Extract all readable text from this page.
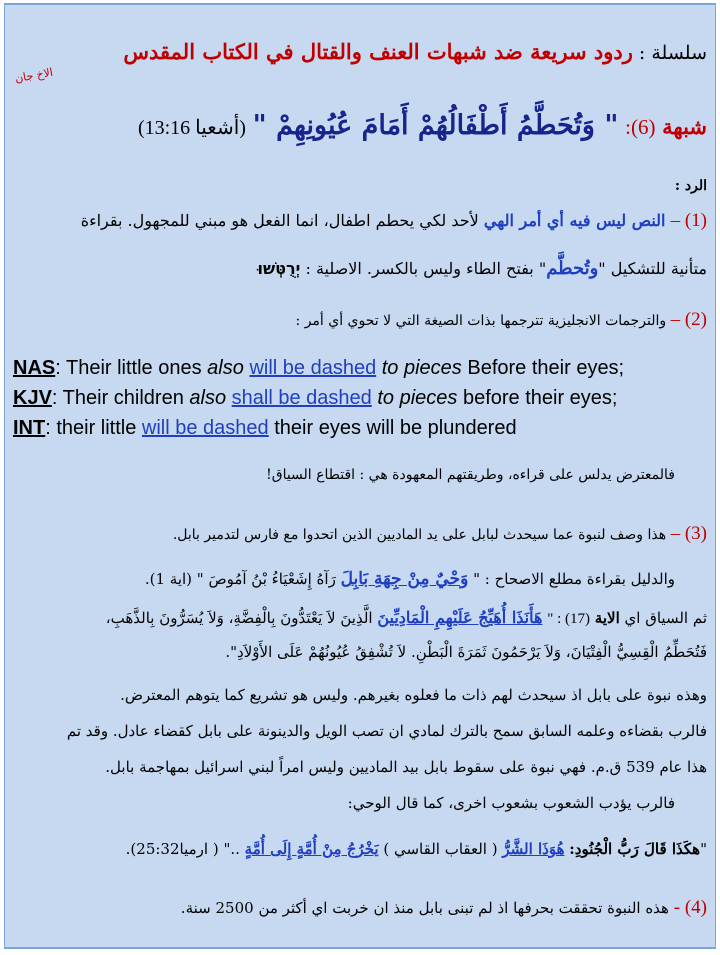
سلسلة : ردود سريعة ضد شبهات العنف والقتال في الكتاب المقدس
الاخ جان
شبهة (6): " وَتُحَطَّمُ أَطْفَالُهُمْ أَمَامَ عُيُونِهِمْ " (أشعيا 13:16)
الرد :
(1) – النص ليس فيه أي أمر الهي لأحد لكي يحطم اطفال، انما الفعل هو مبني للمجهول. بقراءة
متأنية للتشكيل "وتُحطَّم" بفتح الطاء وليس بالكسر. الاصلية : יְרֻטְּשׁוּ
(2) – والترجمات الانجليزية تترجمها بذات الصيغة التي لا تحوي أي أمر :
NAS: Their little ones also will be dashed to pieces Before their eyes;
KJV: Their children also shall be dashed to pieces before their eyes;
INT: their little will be dashed their eyes will be plundered
فالمعترض يدلس على قراءه، وطريقتهم المعهودة هي : اقتطاع السياق!
(3) – هذا وصف لنبوة عما سيحدث لبابل على يد الماديين الذين اتحدوا مع فارس لتدمير بابل.
والدليل بقراءة مطلع الاصحاح : " وَحْيٌ مِنْ جِهَةِ بَابِلَ رَآهُ إِشَعْيَاءُ بْنُ آمُوصَ " (اية 1).
ثم السياق اي الاية (17) : " هَأَنَذَا أُهَيِّجُ عَلَيْهِمِ الْمَادِيِّينَ الَّذِينَ لاَ يَعْتَدُّونَ بِالْفِضَّةِ، وَلاَ يُسَرُّونَ بِالذَّهَبِ،
فَتُحَطِّمُ الْقِسِيُّ الْفِتْيَانَ، وَلاَ يَرْحَمُونَ ثَمَرَةَ الْبَطْنِ. لاَ تُشْفِقُ عُيُونُهُمْ عَلَى الأَوْلاَدِ".
وهذه نبوة على بابل اذ سيحدث لهم ذات ما فعلوه بغيرهم. وليس هو تشريع كما يتوهم المعترض.
فالرب بقضاءه وعلمه السابق سمح بالترك لمادي ان تصب الويل والدينونة على بابل كقضاء عادل. وقد تم
هذا عام 539 ق.م. فهي نبوة على سقوط بابل بيد الماديين وليس امراً لبني اسرائيل بمهاجمة بابل.
فالرب يؤدب الشعوب بشعوب اخرى، كما قال الوحي:
"هكَذَا قَالَ رَبُّ الْجُنُودِ: هُوَذَا الشَّرُّ ( العقاب القاسي ) يَخْرُجُ مِنْ أُمَّةٍ إِلَى أُمَّةٍ .." ( ارميا25:32).
(4) - هذه النبوة تحققت بحرفها اذ لم تبنى بابل منذ ان خربت اي أكثر من 2500 سنة.
